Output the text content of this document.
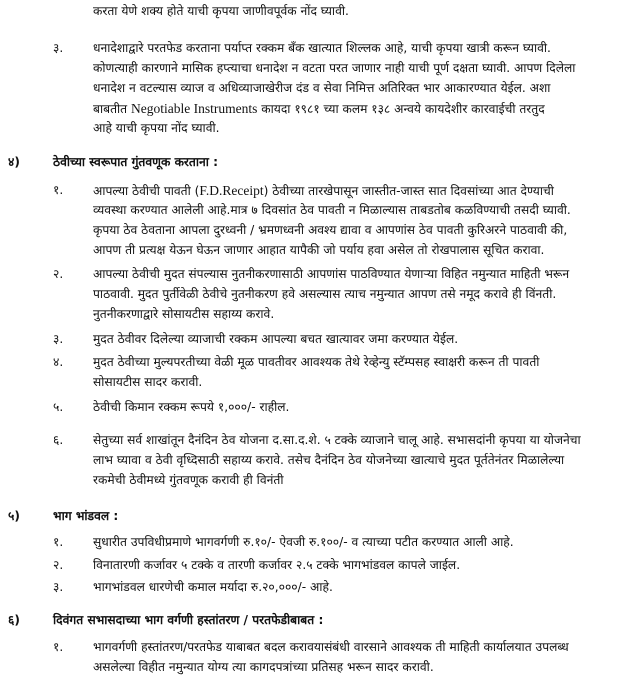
करता येणे शक्य होते याची कृपया जाणीवपूर्वक नोंद घ्यावी.
३. धनादेशाद्वारे परतफेड करताना पर्याप्त रक्कम बँक खात्यात शिल्लक आहे, याची कृपया खात्री करून घ्यावी.
कोणत्याही कारणाने मासिक हप्त्याचा धनादेश न वटता परत जाणार नाही याची पूर्ण दक्षता घ्यावी. आपण दिलेला
धनादेश न वटल्यास व्याज व अधिव्याजाखेरीज दंड व सेवा निमित्त अतिरिक्त भार आकारण्यात येईल. अशा
बाबतीत Negotiable Instruments कायदा १९८१ च्या कलम १३८ अन्वये कायदेशीर कारवाईची तरतुद
आहे याची कृपया नोंद घ्यावी.
४)	ठेवीच्या स्वरूपात गुंतवणूक करताना :
१. आपल्या ठेवीची पावती (F.D.Receipt) ठेवीच्या तारखेपासून जास्तीत-जास्त सात दिवसांच्या आत देण्याची
व्यवस्था करण्यात आलेली आहे.मात्र ७ दिवसांत ठेव पावती न मिळाल्यास ताबडतोब कळविण्याची तसदी घ्यावी.
कृपया ठेव ठेवताना आपला दुरध्वनी / भ्रमणध्वनी अवश्य द्यावा व आपणांस ठेव पावती कुरिअरने पाठवावी की,
आपण ती प्रत्यक्ष येऊन घेऊन जाणार आहात यापैकी जो पर्याय हवा असेल तो रोखपालास सूचित करावा.
२. आपल्या ठेवीची मुदत संपल्यास नुतनीकरणासाठी आपणांस पाठविण्यात येणाऱ्या विहित नमुन्यात माहिती भरून
पाठवावी. मुदत पुर्तीवेळी ठेवीचे नुतनीकरण हवे असल्यास त्याच नमुन्यात आपण तसे नमूद करावे ही विंनती.
नुतनीकरणाद्वारे सोसायटीस सहाय्य करावे.
३. मुदत ठेवीवर दिलेल्या व्याजाची रक्कम आपल्या बचत खात्यावर जमा करण्यात येईल.
४. मुदत ठेवीच्या मुल्यपरतीच्या वेळी मूळ पावतीवर आवश्यक तेथे रेव्हेन्यु स्टॅम्पसह स्वाक्षरी करून ती पावती
सोसायटीस सादर करावी.
५. ठेवीची किमान रक्कम रूपये १,०००/- राहील.
६. सेतुच्या सर्व शाखांतून दैनंदिन ठेव योजना द.सा.द.शे. ५ टक्के व्याजाने चालू आहे. सभासदांनी कृपया या योजनेचा
लाभ घ्यावा व ठेवी वृध्दिसाठी सहाय्य करावे. तसेच दैनंदिन ठेव योजनेच्या खात्याचे मुदत पूर्ततेनंतर मिळालेल्या
रकमेची ठेवीमध्ये गुंतवणूक करावी ही विनंती
५)	भाग भांडवल :
१. सुधारीत उपविधीप्रमाणे भागवर्गणी रु.१०/- ऐवजी रु.१००/- व त्याच्या पटीत करण्यात आली आहे.
२. विनातारणी कर्जावर ५ टक्के व तारणी कर्जावर २.५ टक्के भागभांडवल कापले जाईल.
३. भागभांडवल धारणेची कमाल मर्यादा रु.२०,०००/- आहे.
६)	दिवंगत सभासदाच्या भाग वर्गणी हस्तांतरण / परतफेडीबाबत :
१. भागवर्गणी हस्तांतरण/परतफेड याबाबत बदल करावयासंबंधी वारसाने आवश्यक ती माहिती कार्यालयात उपलब्ध
असलेल्या विहीत नमुन्यात योग्य त्या कागदपत्रांच्या प्रतिसह भरून सादर करावी.
